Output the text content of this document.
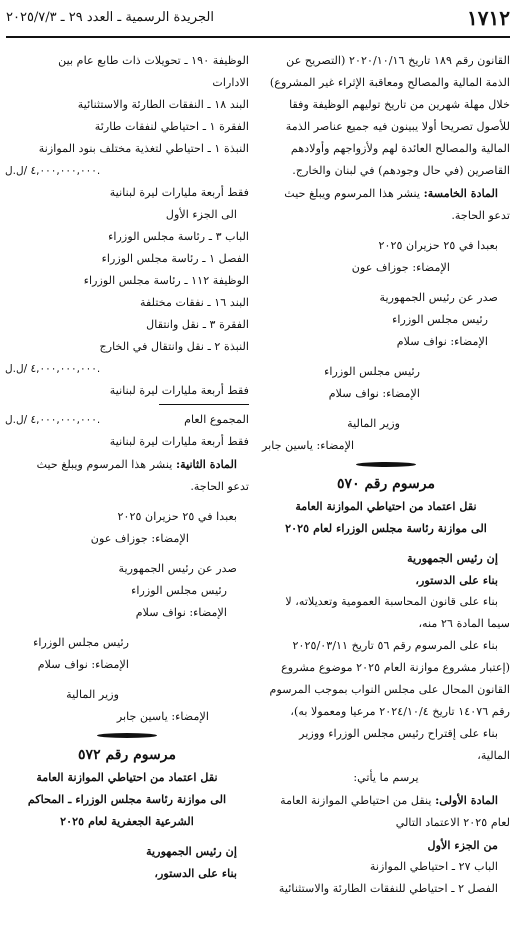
١٧١٢
الجريدة الرسمية ـ العدد ٢٩ ـ ٢٠٢٥/٧/٣

القانون رقم ١٨٩ تاريخ ٢٠٢٠/١٠/١٦ (التصريح عن

الذمة المالية والمصالح ومعاقبة الإثراء غير المشروع)

خلال مهلة شهرين من تاريخ توليهم الوظيفة وفقا

للأصول تصريحا أولا يبينون فيه جميع عناصر الذمة

المالية والمصالح العائدة لهم ولأزواجهم وأولادهم

القاصرين (في حال وجودهم) في لبنان والخارج.

المادة الخامسة: ينشر هذا المرسوم ويبلغ حيث

تدعو الحاجة.

بعبدا في ٢٥ حزيران ٢٠٢٥

الإمضاء: جوزاف عون

صدر عن رئيس الجمهورية

رئيس مجلس الوزراء

الإمضاء: نواف سلام

رئيس مجلس الوزراء

الإمضاء: نواف سلام

وزير المالية

الإمضاء: ياسين جابر

مرسوم رقم ٥٧٠

نقل اعتماد من احتياطي الموازنة العامة

الى موازنة رئاسة مجلس الوزراء لعام ٢٠٢٥

إن رئيس الجمهورية

بناء على الدستور،

بناء على قانون المحاسبة العمومية وتعديلاته، لا

سيما المادة ٢٦ منه،

بناء على المرسوم رقم ٥٦ تاريخ ٢٠٢٥/٠٣/١١

(إعتبار مشروع موازنة العام ٢٠٢٥ موضوع مشروع

القانون المحال على مجلس النواب بموجب المرسوم

رقم ١٤٠٧٦ تاريخ ٢٠٢٤/١٠/٤ مرعيا ومعمولا به)،

بناء على إقتراح رئيس مجلس الوزراء ووزير

المالية،

يرسم ما يأتي:

المادة الأولى: ينقل من احتياطي الموازنة العامة

لعام ٢٠٢٥ الاعتماد التالي

من الجزء الأول

الباب ٢٧ ـ احتياطي الموازنة

الفصل ٢ ـ احتياطي للنفقات الطارئة والاستثنائية

الوظيفة ١٩٠ ـ تحويلات ذات طابع عام بين

الادارات

البند ١٨ ـ النفقات الطارئة والاستثنائية

الفقرة ١ ـ احتياطي لنفقات طارئة

النبذة ١ ـ احتياطي لتغذية مختلف بنود الموازنة

٤,٠٠٠,٠٠٠,٠٠٠ /ل.ل.

فقط أربعة مليارات ليرة لبنانية

الى الجزء الأول

الباب ٣ ـ رئاسة مجلس الوزراء

الفصل ١ ـ رئاسة مجلس الوزراء

الوظيفة ١١٢ ـ رئاسة مجلس الوزراء

البند ١٦ ـ نفقات مختلفة

الفقرة ٣ ـ نقل وانتقال

النبذة ٢ ـ نقل وانتقال في الخارج

٤,٠٠٠,٠٠٠,٠٠٠ /ل.ل.

فقط أربعة مليارات ليرة لبنانية

المجموع العام
٤,٠٠٠,٠٠٠,٠٠٠ /ل.ل.

فقط أربعة مليارات ليرة لبنانية

المادة الثانية: ينشر هذا المرسوم ويبلغ حيث

تدعو الحاجة.

بعبدا في ٢٥ حزيران ٢٠٢٥

الإمضاء: جوزاف عون

صدر عن رئيس الجمهورية

رئيس مجلس الوزراء

الإمضاء: نواف سلام

رئيس مجلس الوزراء

الإمضاء: نواف سلام

وزير المالية

الإمضاء: ياسين جابر

مرسوم رقم ٥٧٢

نقل اعتماد من احتياطي الموازنة العامة

الى موازنة رئاسة مجلس الوزراء ـ المحاكم

الشرعية الجعفرية لعام ٢٠٢٥

إن رئيس الجمهورية

بناء على الدستور،
